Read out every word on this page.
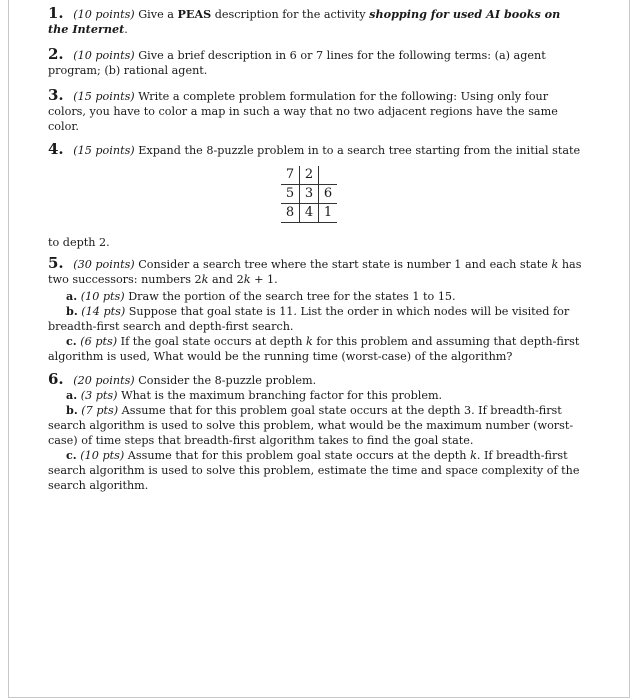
1. (10 points) Give a PEAS description for the activity shopping for used AI books on the Internet.

2. (10 points) Give a brief description in 6 or 7 lines for the following terms: (a) agent program; (b) rational agent.

3. (15 points) Write a complete problem formulation for the following: Using only four colors, you have to color a map in such a way that no two adjacent regions have the same color.

4. (15 points) Expand the 8-puzzle problem in to a search tree starting from the initial state

7	2	
5	3	6
8	4	1

to depth 2.

5. (30 points) Consider a search tree where the start state is number 1 and each state k has two successors: numbers 2k and 2k + 1.

a. (10 pts) Draw the portion of the search tree for the states 1 to 15.

b. (14 pts) Suppose that goal state is 11. List the order in which nodes will be visited for breadth-first search and depth-first search.

c. (6 pts) If the goal state occurs at depth k for this problem and assuming that depth-first algorithm is used, What would be the running time (worst-case) of the algorithm?

6. (20 points) Consider the 8-puzzle problem.

a. (3 pts) What is the maximum branching factor for this problem.

b. (7 pts) Assume that for this problem goal state occurs at the depth 3. If breadth-first search algorithm is used to solve this problem, what would be the maximum number (worst-case) of time steps that breadth-first algorithm takes to find the goal state.

c. (10 pts) Assume that for this problem goal state occurs at the depth k. If breadth-first search algorithm is used to solve this problem, estimate the time and space complexity of the search algorithm.
